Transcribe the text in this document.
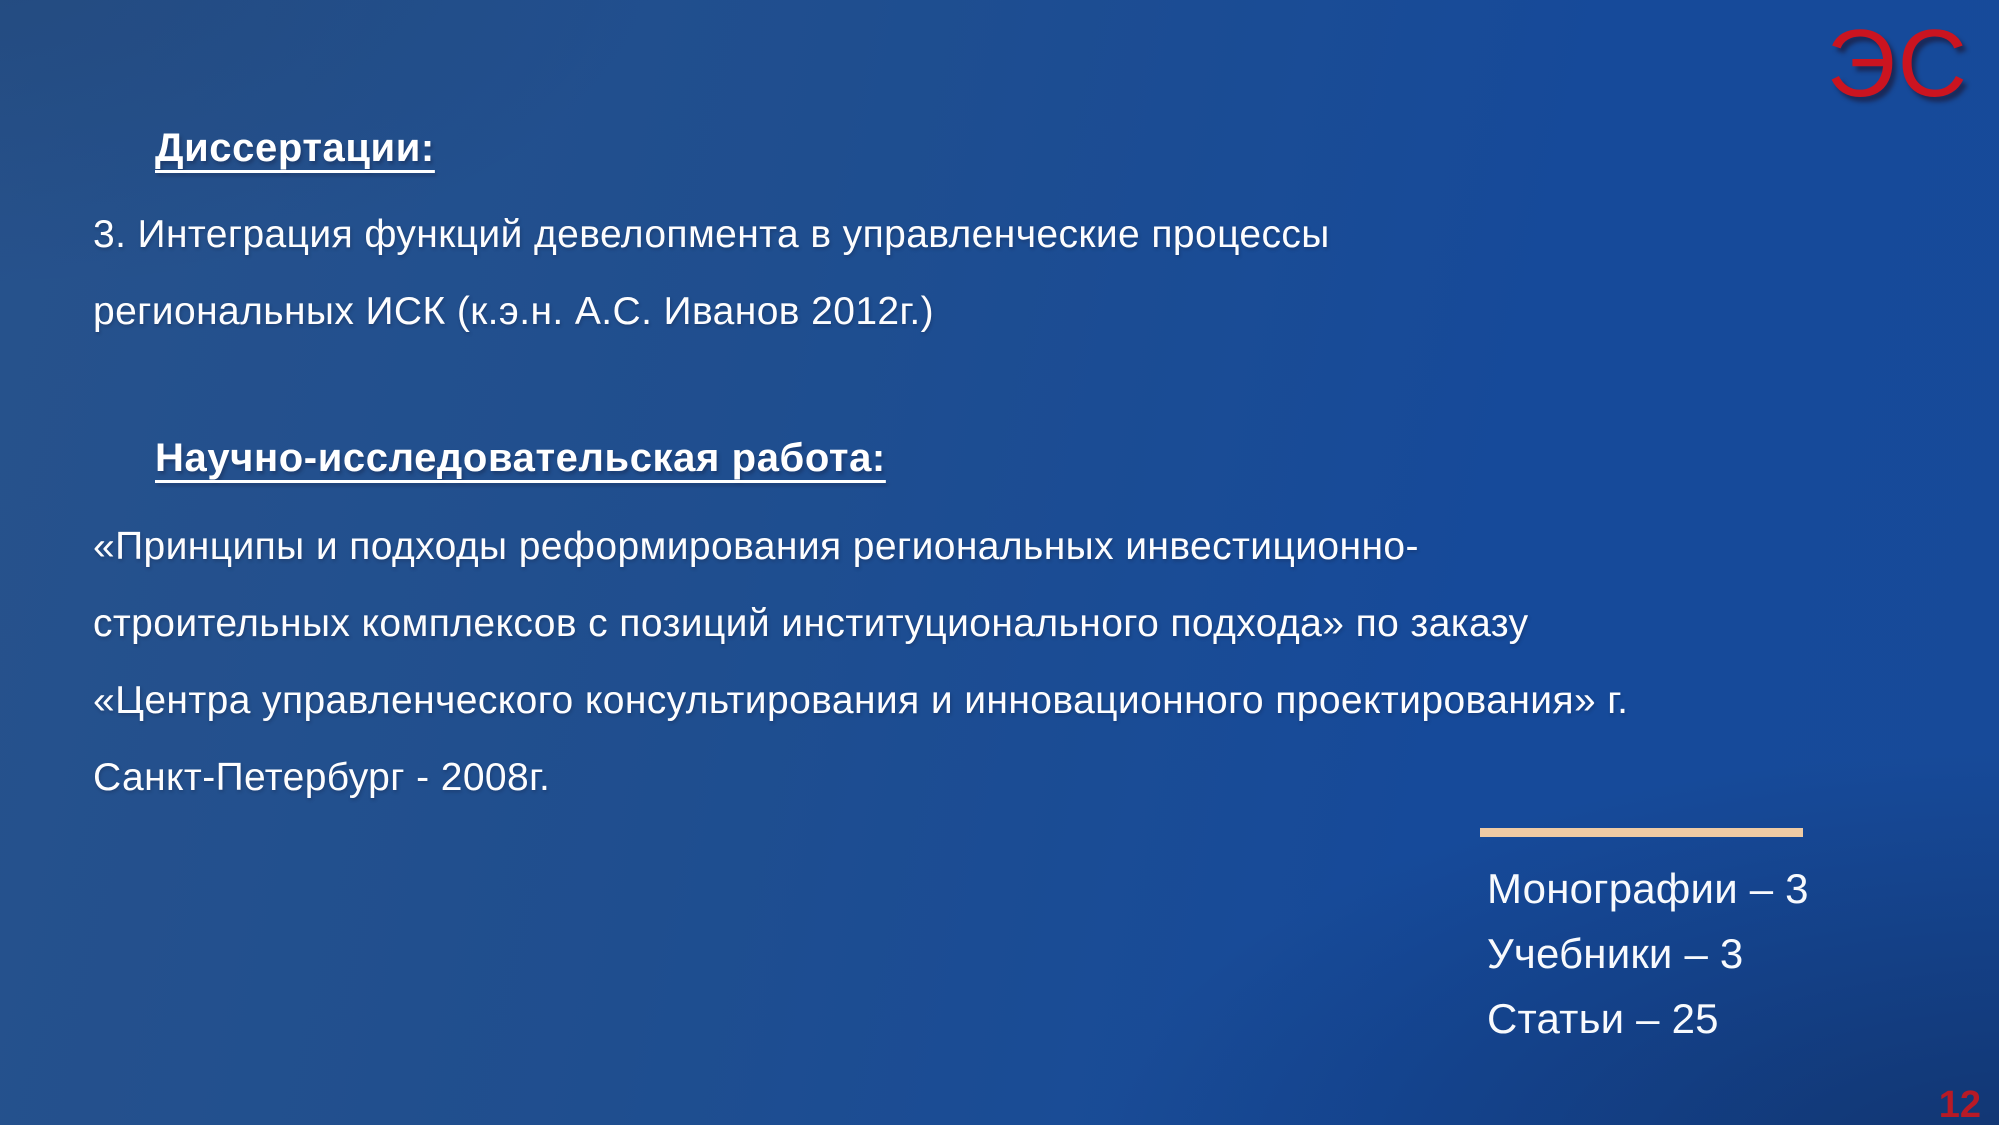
ЭС
Диссертации:
3. Интеграция функций девелопмента в управленческие процессы
региональных ИСК (к.э.н. А.С. Иванов 2012г.)
Научно-исследовательская работа:
«Принципы и подходы реформирования региональных инвестиционно-
строительных комплексов с позиций институционального подхода» по заказу
«Центра управленческого консультирования и инновационного проектирования» г.
Санкт-Петербург - 2008г.
Монографии – 3
Учебники – 3
Статьи – 25
12
